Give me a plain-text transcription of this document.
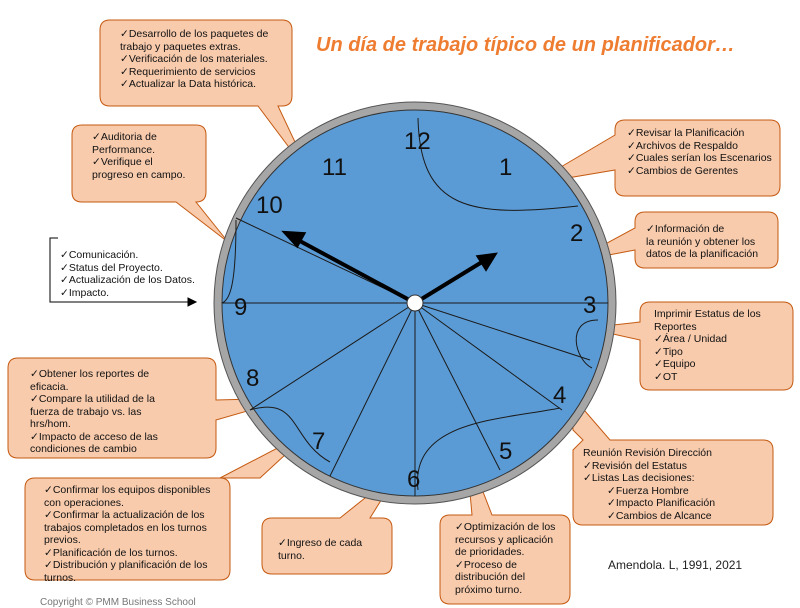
12
1
2
3
4
5
6
7
8
9
10
11
Un día de trabajo típico de un planificador…
✓ Desarrollo de los paquetes de
trabajo y paquetes extras.
✓ Verificación de los materiales.
✓ Requerimiento de servicios
✓ Actualizar la Data histórica.
✓ Auditoria de
Performance.
✓ Verifique el
progreso en campo.
✓ Revisar la Planificación
✓ Archivos de Respaldo
✓ Cuales serían los Escenarios
✓ Cambios de Gerentes
✓ Información de
la reunión y obtener los
datos de la planificación
Imprimir Estatus de los
Reportes
✓ Área / Unidad
✓ Tipo
✓ Equipo
✓ OT
✓ Comunicación.
✓ Status del Proyecto.
✓ Actualización de los Datos.
✓ Impacto.
✓ Obtener los reportes de
eficacia.
✓ Compare la utilidad de la
fuerza de trabajo vs. las
hrs/hom.
✓ Impacto de acceso de las
condiciones de cambio	Reunión Revisión Dirección
✓ Revisión del Estatus
✓ Listas Las decisiones:
✓ Fuerza Hombre
✓ Impacto Planificación
✓ Cambios de Alcance
✓ Confirmar los equipos disponibles
con operaciones.
✓ Confirmar la actualización de los
trabajos completados en los turnos
previos.
✓ Planificación de los turnos.
✓ Distribución y planificación de los
turnos.
✓ Ingreso de cada
turno.
✓ Optimización de los
recursos y aplicación
de prioridades.
✓ Proceso de
distribución del
próximo turno.
Amendola. L, 1991, 2021
Copyright © PMM Business School
